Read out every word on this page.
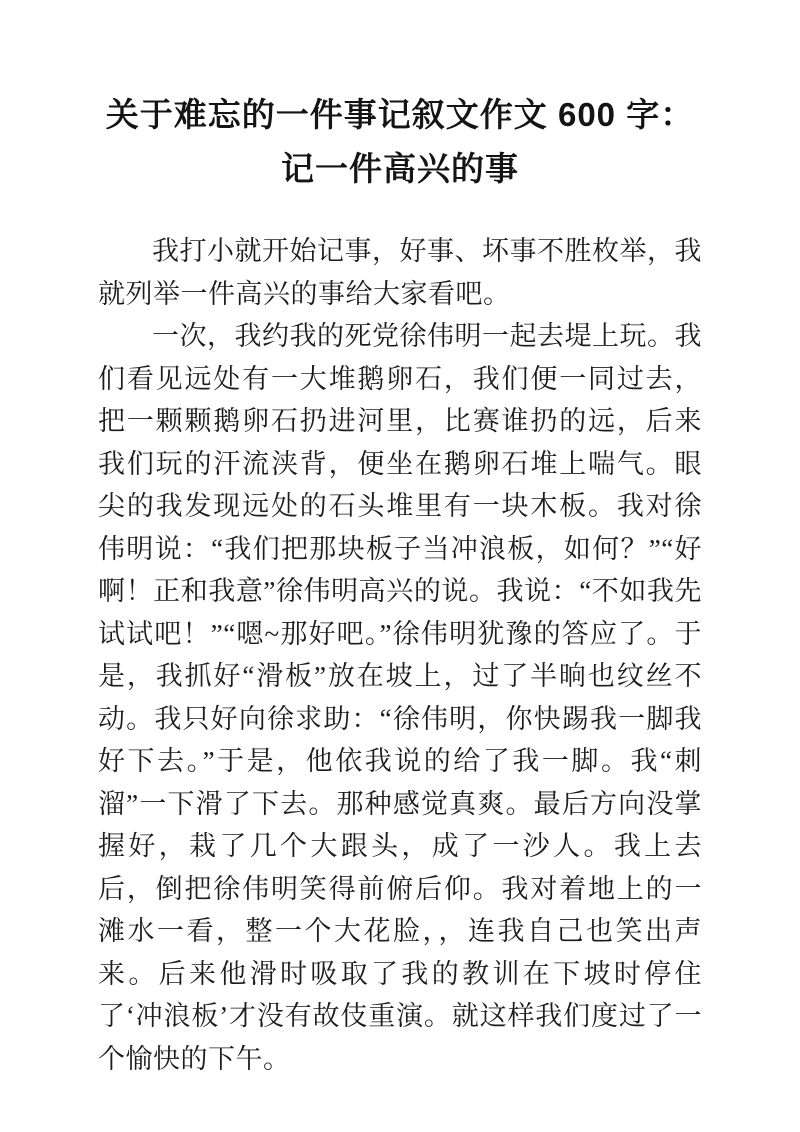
关于难忘的一件事记叙文作文 600 字：记一件高兴的事

我打小就开始记事，好事、坏事不胜枚举，我就列举一件高兴的事给大家看吧。

一次，我约我的死党徐伟明一起去堤上玩。我们看见远处有一大堆鹅卵石，我们便一同过去，把一颗颗鹅卵石扔进河里，比赛谁扔的远，后来我们玩的汗流浃背，便坐在鹅卵石堆上喘气。眼尖的我发现远处的石头堆里有一块木板。我对徐伟明说：“我们把那块板子当冲浪板，如何？”“好啊！正和我意”徐伟明高兴的说。我说：“不如我先试试吧！”“嗯~那好吧。”徐伟明犹豫的答应了。于是，我抓好“滑板”放在坡上，过了半晌也纹丝不动。我只好向徐求助：“徐伟明，你快踢我一脚我好下去。”于是，他依我说的给了我一脚。我“刺溜”一下滑了下去。那种感觉真爽。最后方向没掌握好，栽了几个大跟头，成了一沙人。我上去后，倒把徐伟明笑得前俯后仰。我对着地上的一滩水一看，整一个大花脸，，连我自己也笑出声来。后来他滑时吸取了我的教训在下坡时停住了‘冲浪板’才没有故伎重演。就这样我们度过了一个愉快的下午。
